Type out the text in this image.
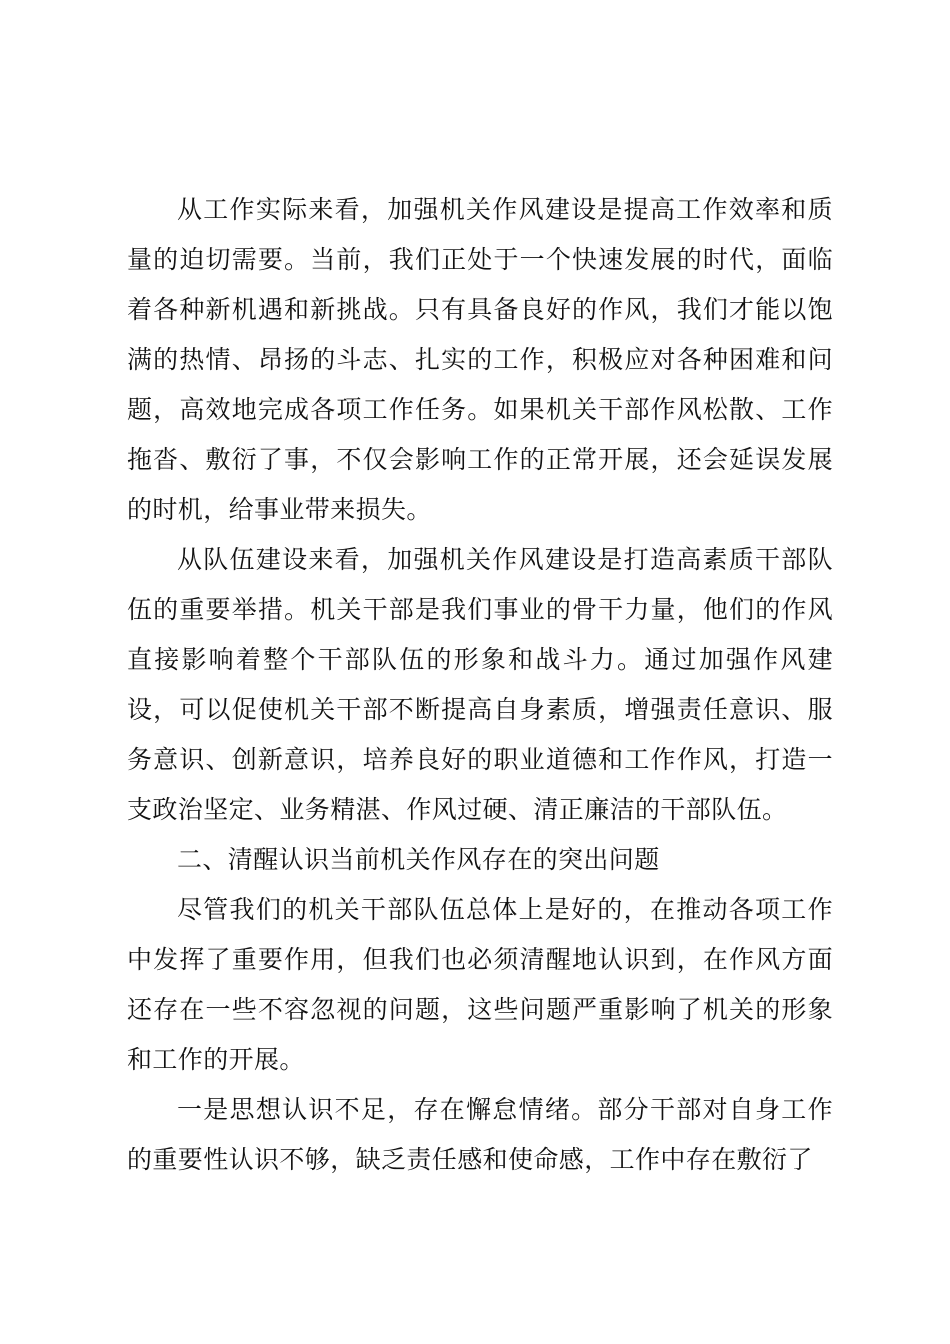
从工作实际来看，加强机关作风建设是提高工作效率和质量的迫切需要。当前，我们正处于一个快速发展的时代，面临着各种新机遇和新挑战。只有具备良好的作风，我们才能以饱满的热情、昂扬的斗志、扎实的工作，积极应对各种困难和问题，高效地完成各项工作任务。如果机关干部作风松散、工作拖沓、敷衍了事，不仅会影响工作的正常开展，还会延误发展的时机，给事业带来损失。

从队伍建设来看，加强机关作风建设是打造高素质干部队伍的重要举措。机关干部是我们事业的骨干力量，他们的作风直接影响着整个干部队伍的形象和战斗力。通过加强作风建设，可以促使机关干部不断提高自身素质，增强责任意识、服务意识、创新意识，培养良好的职业道德和工作作风，打造一支政治坚定、业务精湛、作风过硬、清正廉洁的干部队伍。

二、清醒认识当前机关作风存在的突出问题

尽管我们的机关干部队伍总体上是好的，在推动各项工作中发挥了重要作用，但我们也必须清醒地认识到，在作风方面还存在一些不容忽视的问题，这些问题严重影响了机关的形象和工作的开展。

一是思想认识不足，存在懈怠情绪。部分干部对自身工作的重要性认识不够，缺乏责任感和使命感，工作中存在敷衍了
